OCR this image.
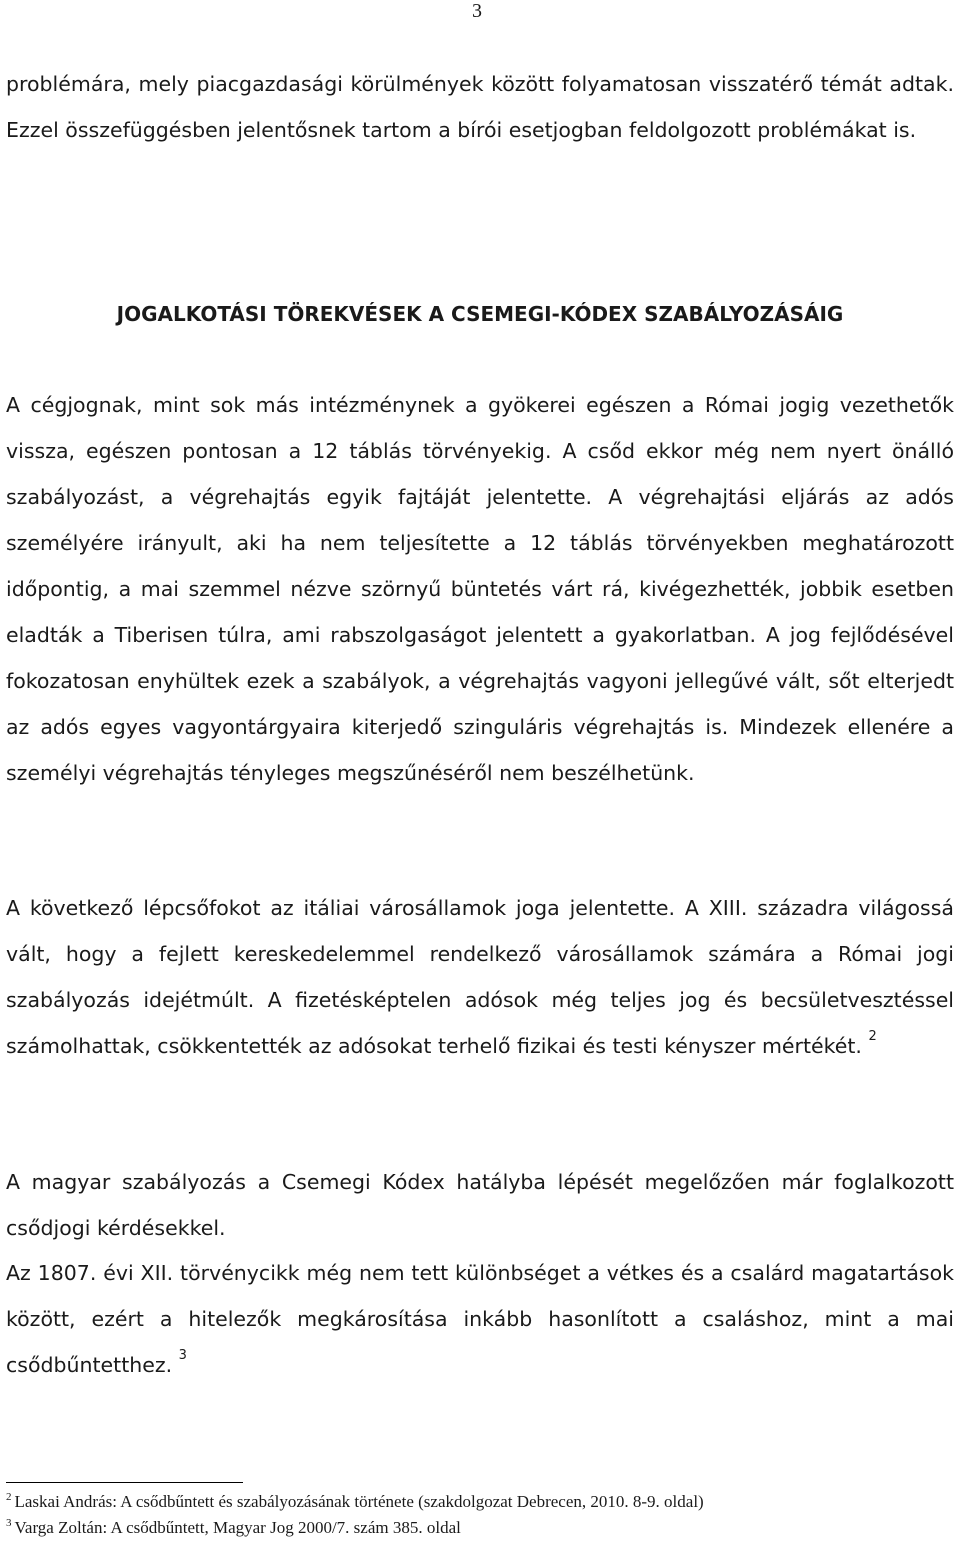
3

problémára, mely piacgazdasági körülmények között folyamatosan visszatérő témát adtak. Ezzel összefüggésben jelentősnek tartom a bírói esetjogban feldolgozott problémákat is.

JOGALKOTÁSI TÖREKVÉSEK A CSEMEGI-KÓDEX SZABÁLYOZÁSÁIG

A cégjognak, mint sok más intézménynek a gyökerei egészen a Római jogig vezethetők vissza, egészen pontosan a 12 táblás törvényekig. A csőd ekkor még nem nyert önálló szabályozást, a végrehajtás egyik fajtáját jelentette. A végrehajtási eljárás az adós személyére irányult, aki ha nem teljesítette a 12 táblás törvényekben meghatározott időpontig, a mai szemmel nézve szörnyű büntetés várt rá, kivégezhették, jobbik esetben eladták a Tiberisen túlra, ami rabszolgaságot jelentett a gyakorlatban. A jog fejlődésével fokozatosan enyhültek ezek a szabályok, a végrehajtás vagyoni jellegűvé vált, sőt elterjedt az adós egyes vagyontárgyaira kiterjedő szinguláris végrehajtás is. Mindezek ellenére a személyi végrehajtás tényleges megszűnéséről nem beszélhetünk.

A következő lépcsőfokot az itáliai városállamok joga jelentette. A XIII. századra világossá vált, hogy a fejlett kereskedelemmel rendelkező városállamok számára a Római jogi szabályozás idejétmúlt. A fizetésképtelen adósok még teljes jog és becsületvesztéssel számolhattak, csökkentették az adósokat terhelő fizikai és testi kényszer mértékét. $^2$

A magyar szabályozás a Csemegi Kódex hatályba lépését megelőzően már foglalkozott csődjogi kérdésekkel.

Az 1807. évi XII. törvénycikk még nem tett különbséget a vétkes és a csalárd magatartások között, ezért a hitelezők megkárosítása inkább hasonlított a csaláshoz, mint a mai csődbűntetthez. $^3$

$^2$ Laskai András: A csődbűntett és szabályozásának története (szakdolgozat Debrecen, 2010. 8-9. oldal)
$^3$ Varga Zoltán: A csődbűntett, Magyar Jog 2000/7. szám 385. oldal
